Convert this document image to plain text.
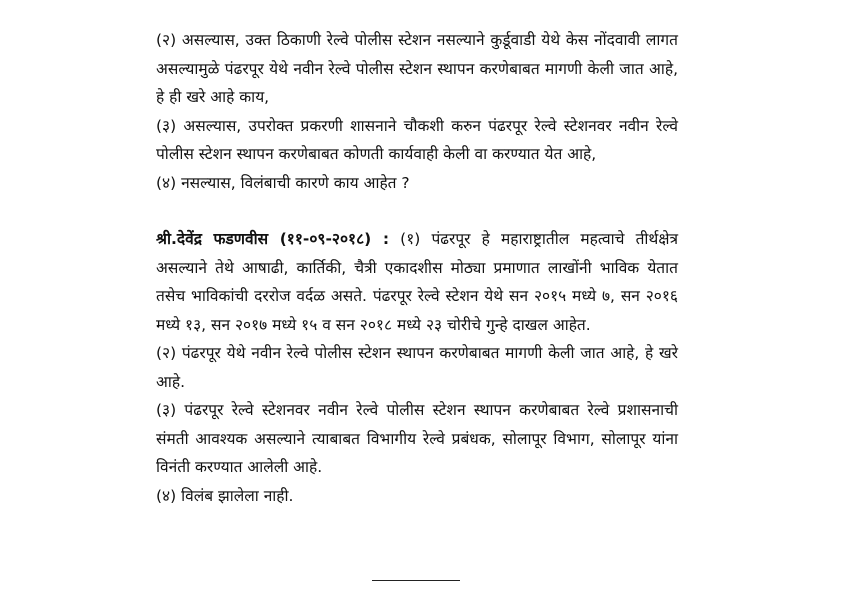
(२) असल्यास, उक्त ठिकाणी रेल्वे पोलीस स्टेशन नसल्याने कुर्डूवाडी येथे केस नोंदवावी लागत असल्यामुळे पंढरपूर येथे नवीन रेल्वे पोलीस स्टेशन स्थापन करणेबाबत मागणी केली जात आहे, हे ही खरे आहे काय,

(३) असल्यास, उपरोक्त प्रकरणी शासनाने चौकशी करुन पंढरपूर रेल्वे स्टेशनवर नवीन रेल्वे पोलीस स्टेशन स्थापन करणेबाबत कोणती कार्यवाही केली वा करण्यात येत आहे,

(४) नसल्यास, विलंबाची कारणे काय आहेत ?

श्री.देवेंद्र फडणवीस (११-०९-२०१८) : (१) पंढरपूर हे महाराष्ट्रातील महत्वाचे तीर्थक्षेत्र असल्याने तेथे आषाढी, कार्तिकी, चैत्री एकादशीस मोठ्या प्रमाणात लाखोंनी भाविक येतात तसेच भाविकांची दररोज वर्दळ असते. पंढरपूर रेल्वे स्टेशन येथे सन २०१५ मध्ये ७, सन २०१६ मध्ये १३, सन २०१७ मध्ये १५ व सन २०१८ मध्ये २३ चोरीचे गुन्हे दाखल आहेत.

(२) पंढरपूर येथे नवीन रेल्वे पोलीस स्टेशन स्थापन करणेबाबत मागणी केली जात आहे, हे खरे आहे.

(३) पंढरपूर रेल्वे स्टेशनवर नवीन रेल्वे पोलीस स्टेशन स्थापन करणेबाबत रेल्वे प्रशासनाची संमती आवश्यक असल्याने त्याबाबत विभागीय रेल्वे प्रबंधक, सोलापूर विभाग, सोलापूर यांना विनंती करण्यात आलेली आहे.

(४) विलंब झालेला नाही.
